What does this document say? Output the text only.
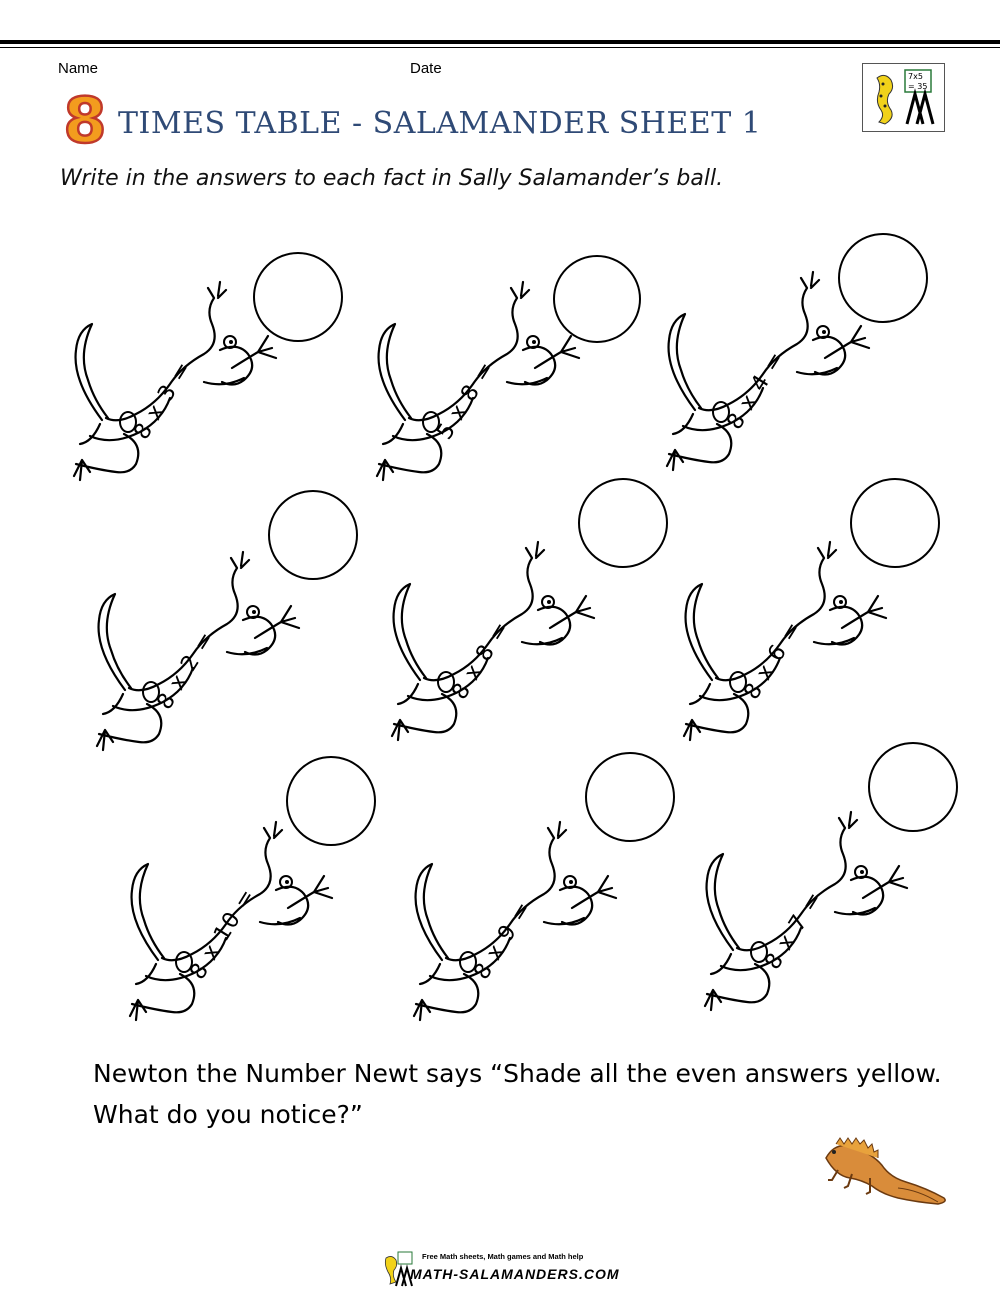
Name	Date	7x5
= 35
8 TIMES TABLE - SALAMANDER SHEET 1
Write in the answers to each fact in Sally Salamander’s ball.
8 x 3 =	5 x 8 =	8 x 4 =
8 x 2 =	8 x 8 =	8 x 6 =
8 x 10 =	8 x 9 =	8 x 7 =
Newton the Number Newt says “Shade all the even answers yellow.
What do you notice?”
Free Math sheets, Math games and Math help
MATH-SALAMANDERS.COM
